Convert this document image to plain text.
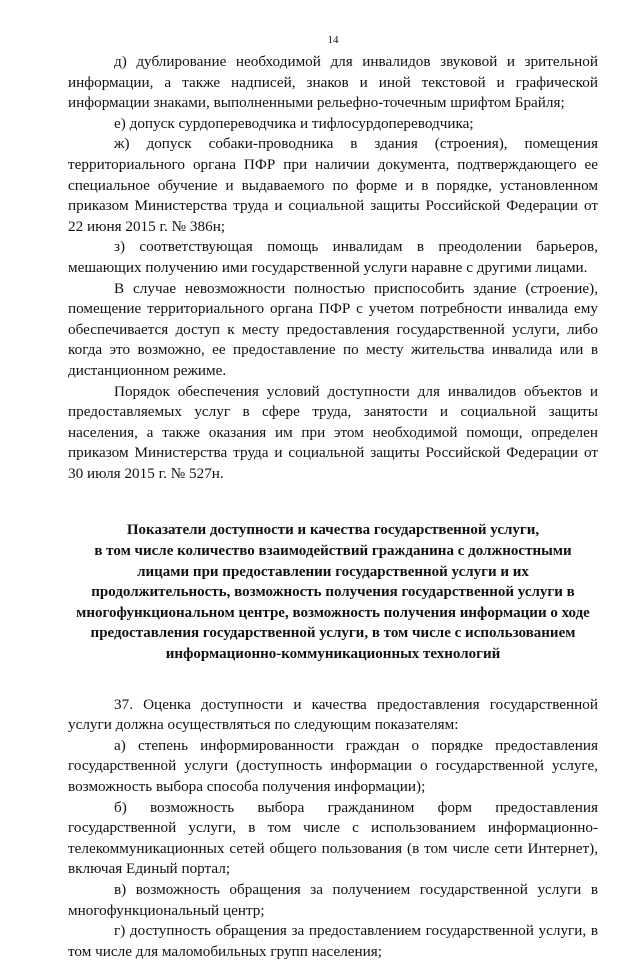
14

д) дублирование необходимой для инвалидов звуковой и зрительной информации, а также надписей, знаков и иной текстовой и графической информации знаками, выполненными рельефно-точечным шрифтом Брайля;

е) допуск сурдопереводчика и тифлосурдопереводчика;

ж) допуск собаки-проводника в здания (строения), помещения территориального органа ПФР при наличии документа, подтверждающего ее специальное обучение и выдаваемого по форме и в порядке, установленном приказом Министерства труда и социальной защиты Российской Федерации от 22 июня 2015 г. № 386н;

з) соответствующая помощь инвалидам в преодолении барьеров, мешающих получению ими государственной услуги наравне с другими лицами.

В случае невозможности полностью приспособить здание (строение), помещение территориального органа ПФР с учетом потребности инвалида ему обеспечивается доступ к месту предоставления государственной услуги, либо когда это возможно, ее предоставление по месту жительства инвалида или в дистанционном режиме.

Порядок обеспечения условий доступности для инвалидов объектов и предоставляемых услуг в сфере труда, занятости и социальной защиты населения, а также оказания им при этом необходимой помощи, определен приказом Министерства труда и социальной защиты Российской Федерации от 30 июля 2015 г. № 527н.

Показатели доступности и качества государственной услуги,
в том числе количество взаимодействий гражданина с должностными
лицами при предоставлении государственной услуги и их
продолжительность, возможность получения государственной услуги в
многофункциональном центре, возможность получения информации о ходе
предоставления государственной услуги, в том числе с использованием
информационно-коммуникационных технологий

37. Оценка доступности и качества предоставления государственной услуги должна осуществляться по следующим показателям:

а) степень информированности граждан о порядке предоставления государственной услуги (доступность информации о государственной услуге, возможность выбора способа получения информации);

б) возможность выбора гражданином форм предоставления государственной услуги, в том числе с использованием информационно-телекоммуникационных сетей общего пользования (в том числе сети Интернет), включая Единый портал;

в) возможность обращения за получением государственной услуги в многофункциональный центр;

г) доступность обращения за предоставлением государственной услуги, в том числе для маломобильных групп населения;
